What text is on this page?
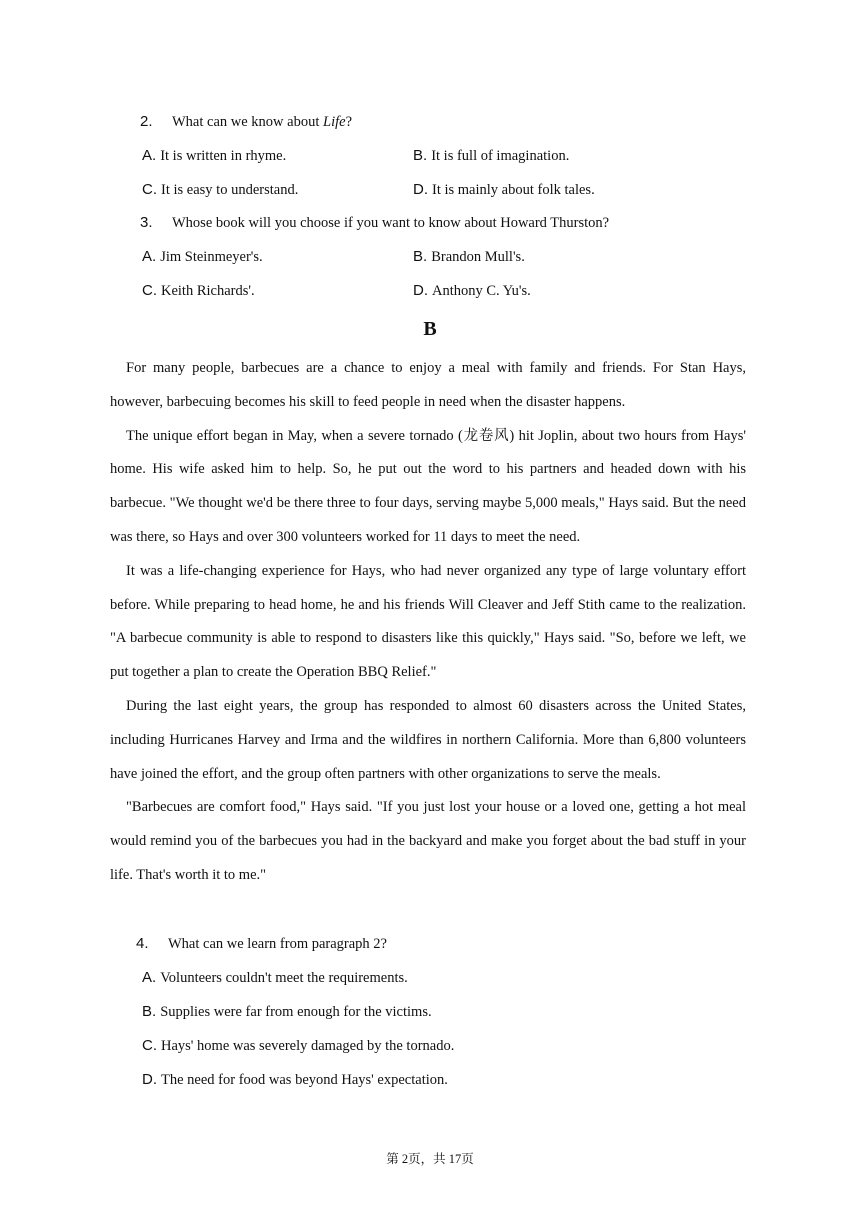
2. What can we know about Life?
A. It is written in rhyme.	B. It is full of imagination.
C. It is easy to understand.	D. It is mainly about folk tales.
3. Whose book will you choose if you want to know about Howard Thurston?
A. Jim Steinmeyer's.	B. Brandon Mull's.
C. Keith Richards'.	D. Anthony C. Yu's.
B

For many people, barbecues are a chance to enjoy a meal with family and friends. For Stan Hays, however, barbecuing becomes his skill to feed people in need when the disaster happens.

The unique effort began in May, when a severe tornado (龙卷风) hit Joplin, about two hours from Hays' home. His wife asked him to help. So, he put out the word to his partners and headed down with his barbecue. "We thought we'd be there three to four days, serving maybe 5,000 meals," Hays said. But the need was there, so Hays and over 300 volunteers worked for 11 days to meet the need.

It was a life-changing experience for Hays, who had never organized any type of large voluntary effort before. While preparing to head home, he and his friends Will Cleaver and Jeff Stith came to the realization. "A barbecue community is able to respond to disasters like this quickly," Hays said. "So, before we left, we put together a plan to create the Operation BBQ Relief."

During the last eight years, the group has responded to almost 60 disasters across the United States, including Hurricanes Harvey and Irma and the wildfires in northern California. More than 6,800 volunteers have joined the effort, and the group often partners with other organizations to serve the meals.

"Barbecues are comfort food," Hays said. "If you just lost your house or a loved one, getting a hot meal would remind you of the barbecues you had in the backyard and make you forget about the bad stuff in your life. That's worth it to me."

4. What can we learn from paragraph 2?
A. Volunteers couldn't meet the requirements.
B. Supplies were far from enough for the victims.
C. Hays' home was severely damaged by the tornado.
D. The need for food was beyond Hays' expectation.
第 2页，共 17页
